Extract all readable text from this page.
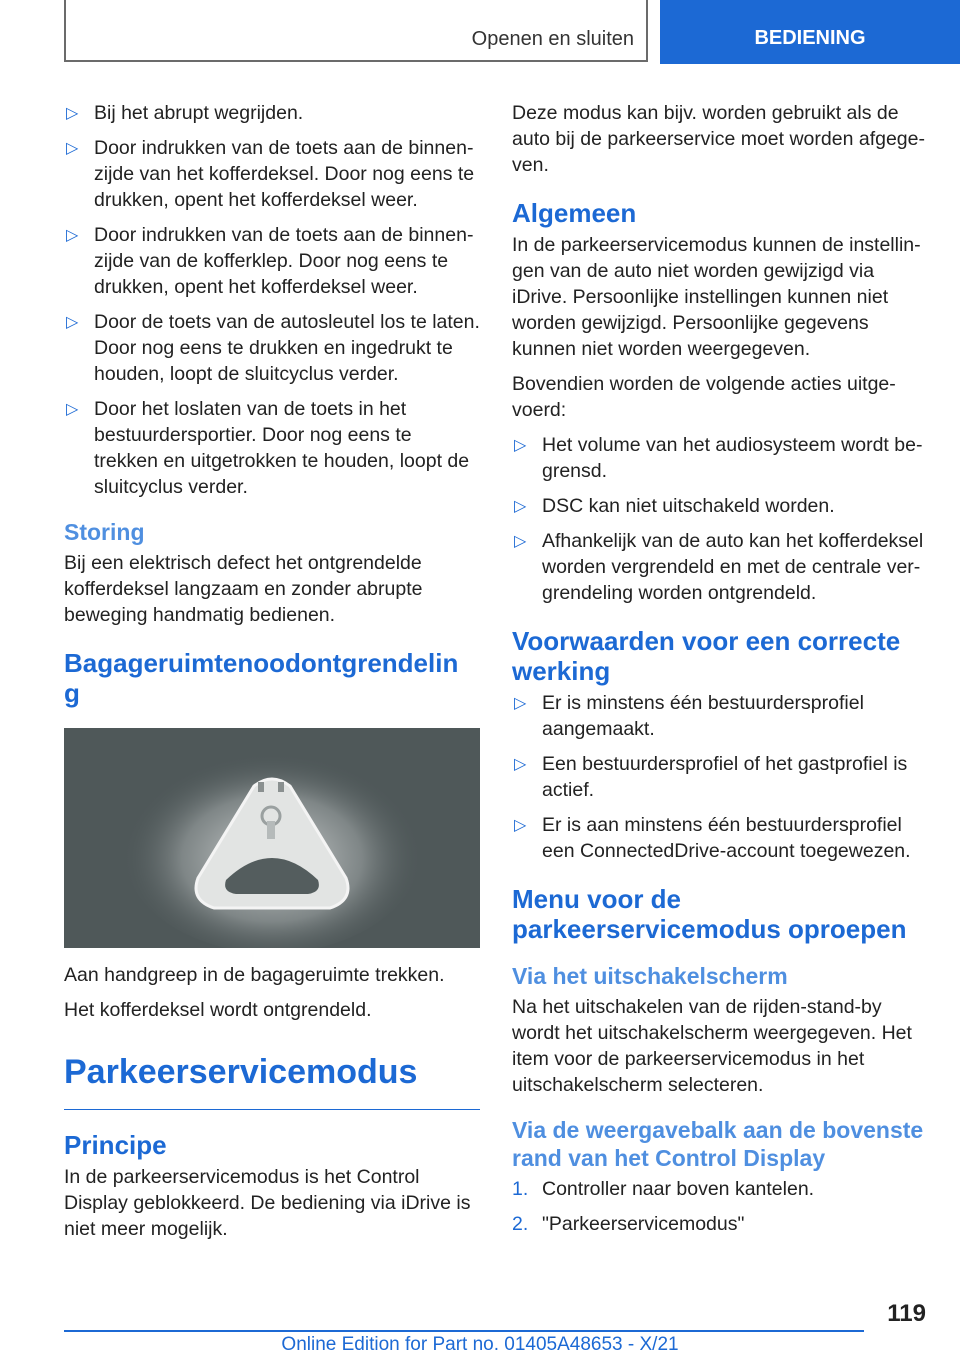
Openen en sluiten	BEDIENING
▷ Bij het abrupt wegrijden.
▷ Door indrukken van de toets aan de binnenzijde van het kofferdeksel. Door nog eens te drukken, opent het kofferdeksel weer.
▷ Door indrukken van de toets aan de binnenzijde van de kofferklep. Door nog eens te drukken, opent het kofferdeksel weer.
▷ Door de toets van de autosleutel los te laten. Door nog eens te drukken en ingedrukt te houden, loopt de sluitcyclus verder.
▷ Door het loslaten van de toets in het bestuurdersportier. Door nog eens te trekken en uitgetrokken te houden, loopt de sluitcyclus verder.
Storing

Bij een elektrisch defect het ontgrendelde kofferdeksel langzaam en zonder abrupte beweging handmatig bedienen.

Bagageruimtenoodontgrendelin g

Aan handgreep in de bagageruimte trekken.

Het kofferdeksel wordt ontgrendeld.

Parkeerservicemodus
Principe

In de parkeerservicemodus is het Control Display geblokkeerd. De bediening via iDrive is niet meer mogelijk.

Deze modus kan bijv. worden gebruikt als de auto bij de parkeerservice moet worden afgegeven.

Algemeen

In de parkeerservicemodus kunnen de instellingen van de auto niet worden gewijzigd via iDrive. Persoonlijke instellingen kunnen niet worden gewijzigd. Persoonlijke gegevens kunnen niet worden weergegeven.

Bovendien worden de volgende acties uitgevoerd:

▷ Het volume van het audiosysteem wordt begrensd.
▷ DSC kan niet uitschakeld worden.
▷ Afhankelijk van de auto kan het kofferdeksel worden vergrendeld en met de centrale vergrendeling worden ontgrendeld.
Voorwaarden voor een correcte werking
▷ Er is minstens één bestuurdersprofiel aangemaakt.
▷ Een bestuurdersprofiel of het gastprofiel is actief.
▷ Er is aan minstens één bestuurdersprofiel een ConnectedDrive-account toegewezen.
Menu voor de parkeerservicemodus oproepen
Via het uitschakelscherm

Na het uitschakelen van de rijden-stand-by wordt het uitschakelscherm weergegeven. Het item voor de parkeerservicemodus in het uitschakelscherm selecteren.

Via de weergavebalk aan de bovenste rand van het Control Display
1. Controller naar boven kantelen.
2. "Parkeerservicemodus"
119
Online Edition for Part no. 01405A48653 - X/21
